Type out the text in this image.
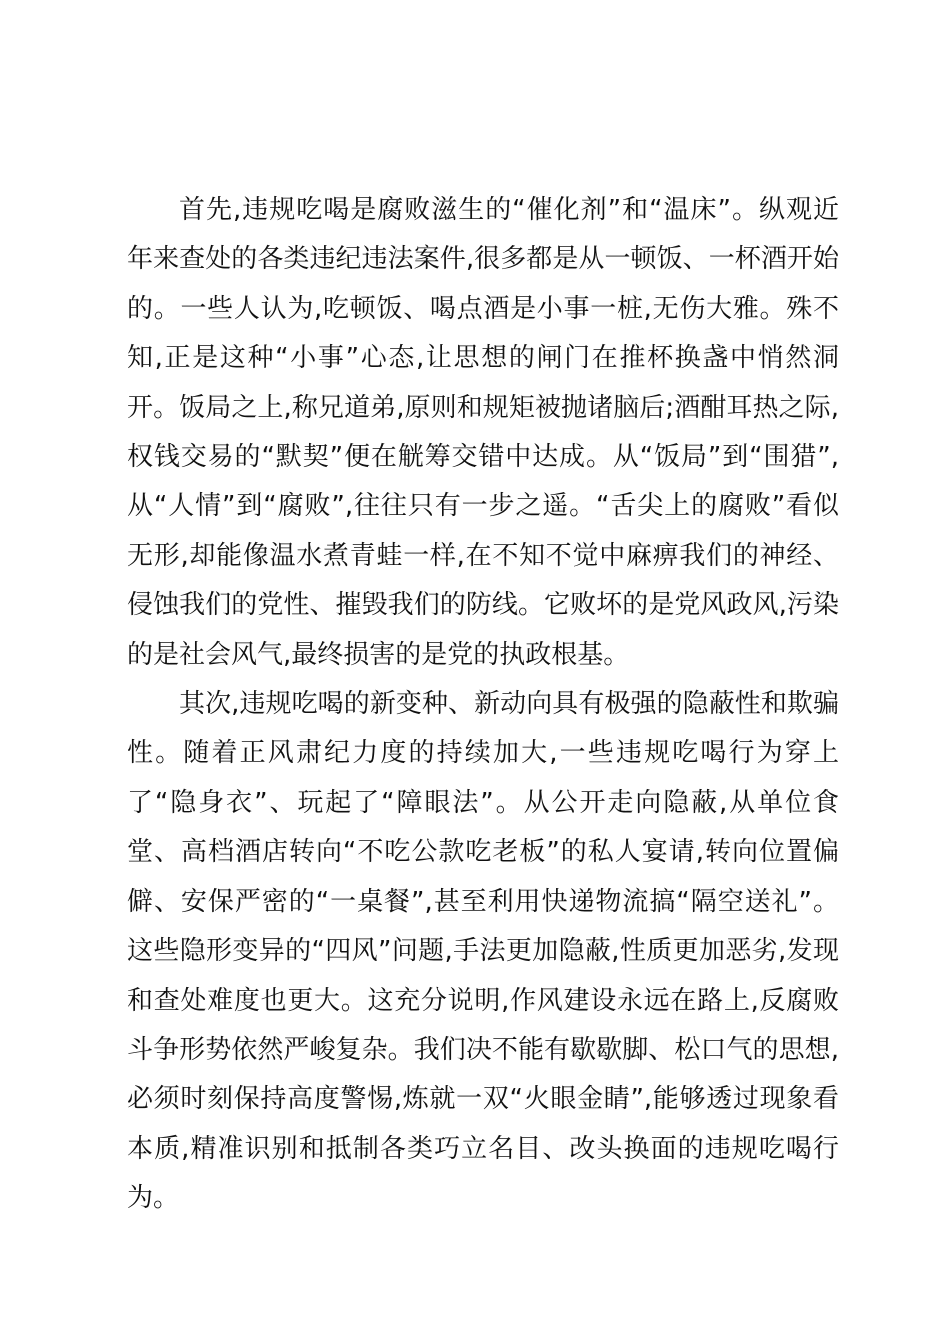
首先,违规吃喝是腐败滋生的“催化剂”和“温床”。纵观近年来查处的各类违纪违法案件,很多都是从一顿饭、一杯酒开始的。一些人认为,吃顿饭、喝点酒是小事一桩,无伤大雅。殊不知,正是这种“小事”心态,让思想的闸门在推杯换盏中悄然洞开。饭局之上,称兄道弟,原则和规矩被抛诸脑后;酒酣耳热之际,权钱交易的“默契”便在觥筹交错中达成。从“饭局”到“围猎”,从“人情”到“腐败”,往往只有一步之遥。“舌尖上的腐败”看似无形,却能像温水煮青蛙一样,在不知不觉中麻痹我们的神经、侵蚀我们的党性、摧毁我们的防线。它败坏的是党风政风,污染的是社会风气,最终损害的是党的执政根基。

其次,违规吃喝的新变种、新动向具有极强的隐蔽性和欺骗性。随着正风肃纪力度的持续加大,一些违规吃喝行为穿上了“隐身衣”、玩起了“障眼法”。从公开走向隐蔽,从单位食堂、高档酒店转向“不吃公款吃老板”的私人宴请,转向位置偏僻、安保严密的“一桌餐”,甚至利用快递物流搞“隔空送礼”。这些隐形变异的“四风”问题,手法更加隐蔽,性质更加恶劣,发现和查处难度也更大。这充分说明,作风建设永远在路上,反腐败斗争形势依然严峻复杂。我们决不能有歇歇脚、松口气的思想,必须时刻保持高度警惕,炼就一双“火眼金睛”,能够透过现象看本质,精准识别和抵制各类巧立名目、改头换面的违规吃喝行为。
